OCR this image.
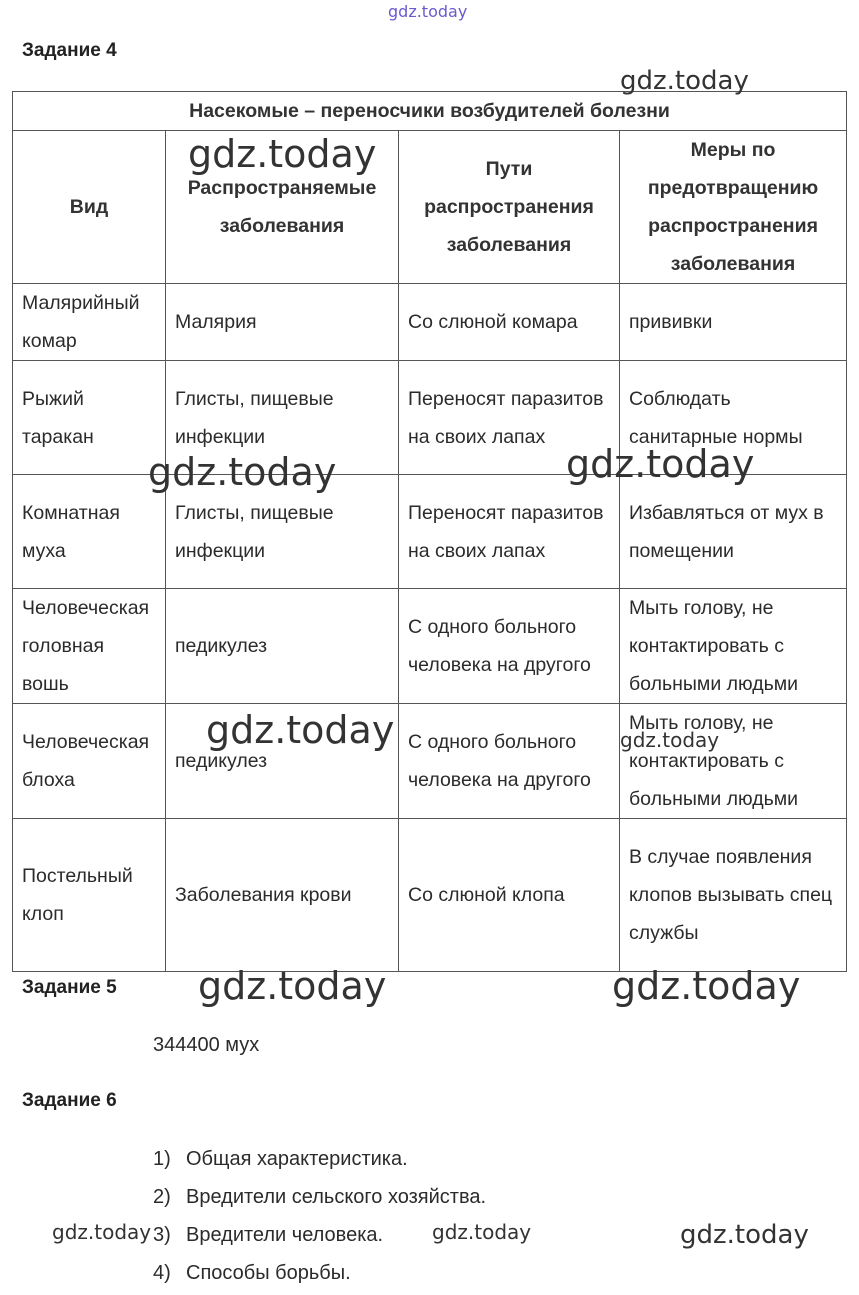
gdz.today
Задание 4
Насекомые – переносчики возбудителей болезни			
Вид	Распространяемые заболевания	Пути распространения заболевания	Меры по предотвращению распространения заболевания
Малярийный комар	Малярия	Со слюной комара	прививки
Рыжий таракан	Глисты, пищевые инфекции	Переносят паразитов на своих лапах	Соблюдать санитарные нормы
Комнатная муха	Глисты, пищевые инфекции	Переносят паразитов на своих лапах	Избавляться от мух в помещении
Человеческая головная вошь	педикулез	С одного больного человека на другого	Мыть голову, не контактировать с больными людьми
Человеческая блоха	педикулез	С одного больного человека на другого	Мыть голову, не контактировать с больными людьми
Постельный клоп	Заболевания крови	Со слюной клопа	В случае появления клопов вызывать спец службы
Задание 5
344400 мух
Задание 6
1) Общая характеристика.
2) Вредители сельского хозяйства.
3) Вредители человека.
4) Способы борьбы.
gdz.today
gdz.today
gdz.today	gdz.today
gdz.today	gdz.today
gdz.today	gdz.today
gdz.today	gdz.today	gdz.today
